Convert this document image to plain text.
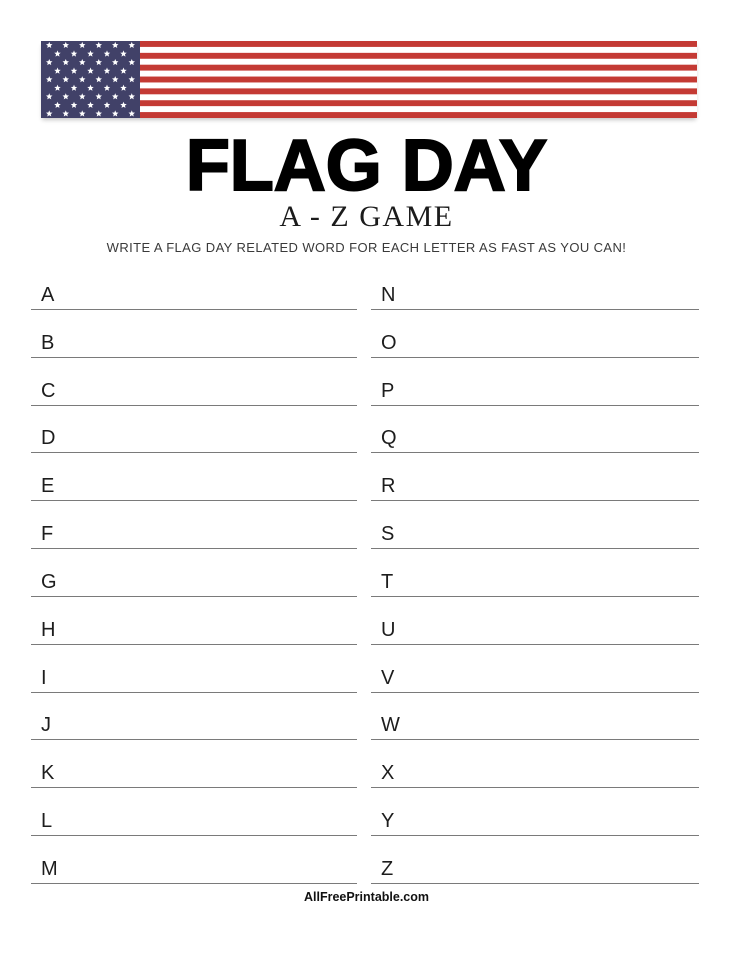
FLAG DAY
A - Z GAME
WRITE A FLAG DAY RELATED WORD FOR EACH LETTER AS FAST AS YOU CAN!
A
B
C
D
E
F
G
H
I
J
K
L
M
N
O
P
Q
R
S
T
U
V
W
X
Y
Z
AllFreePrintable.com
